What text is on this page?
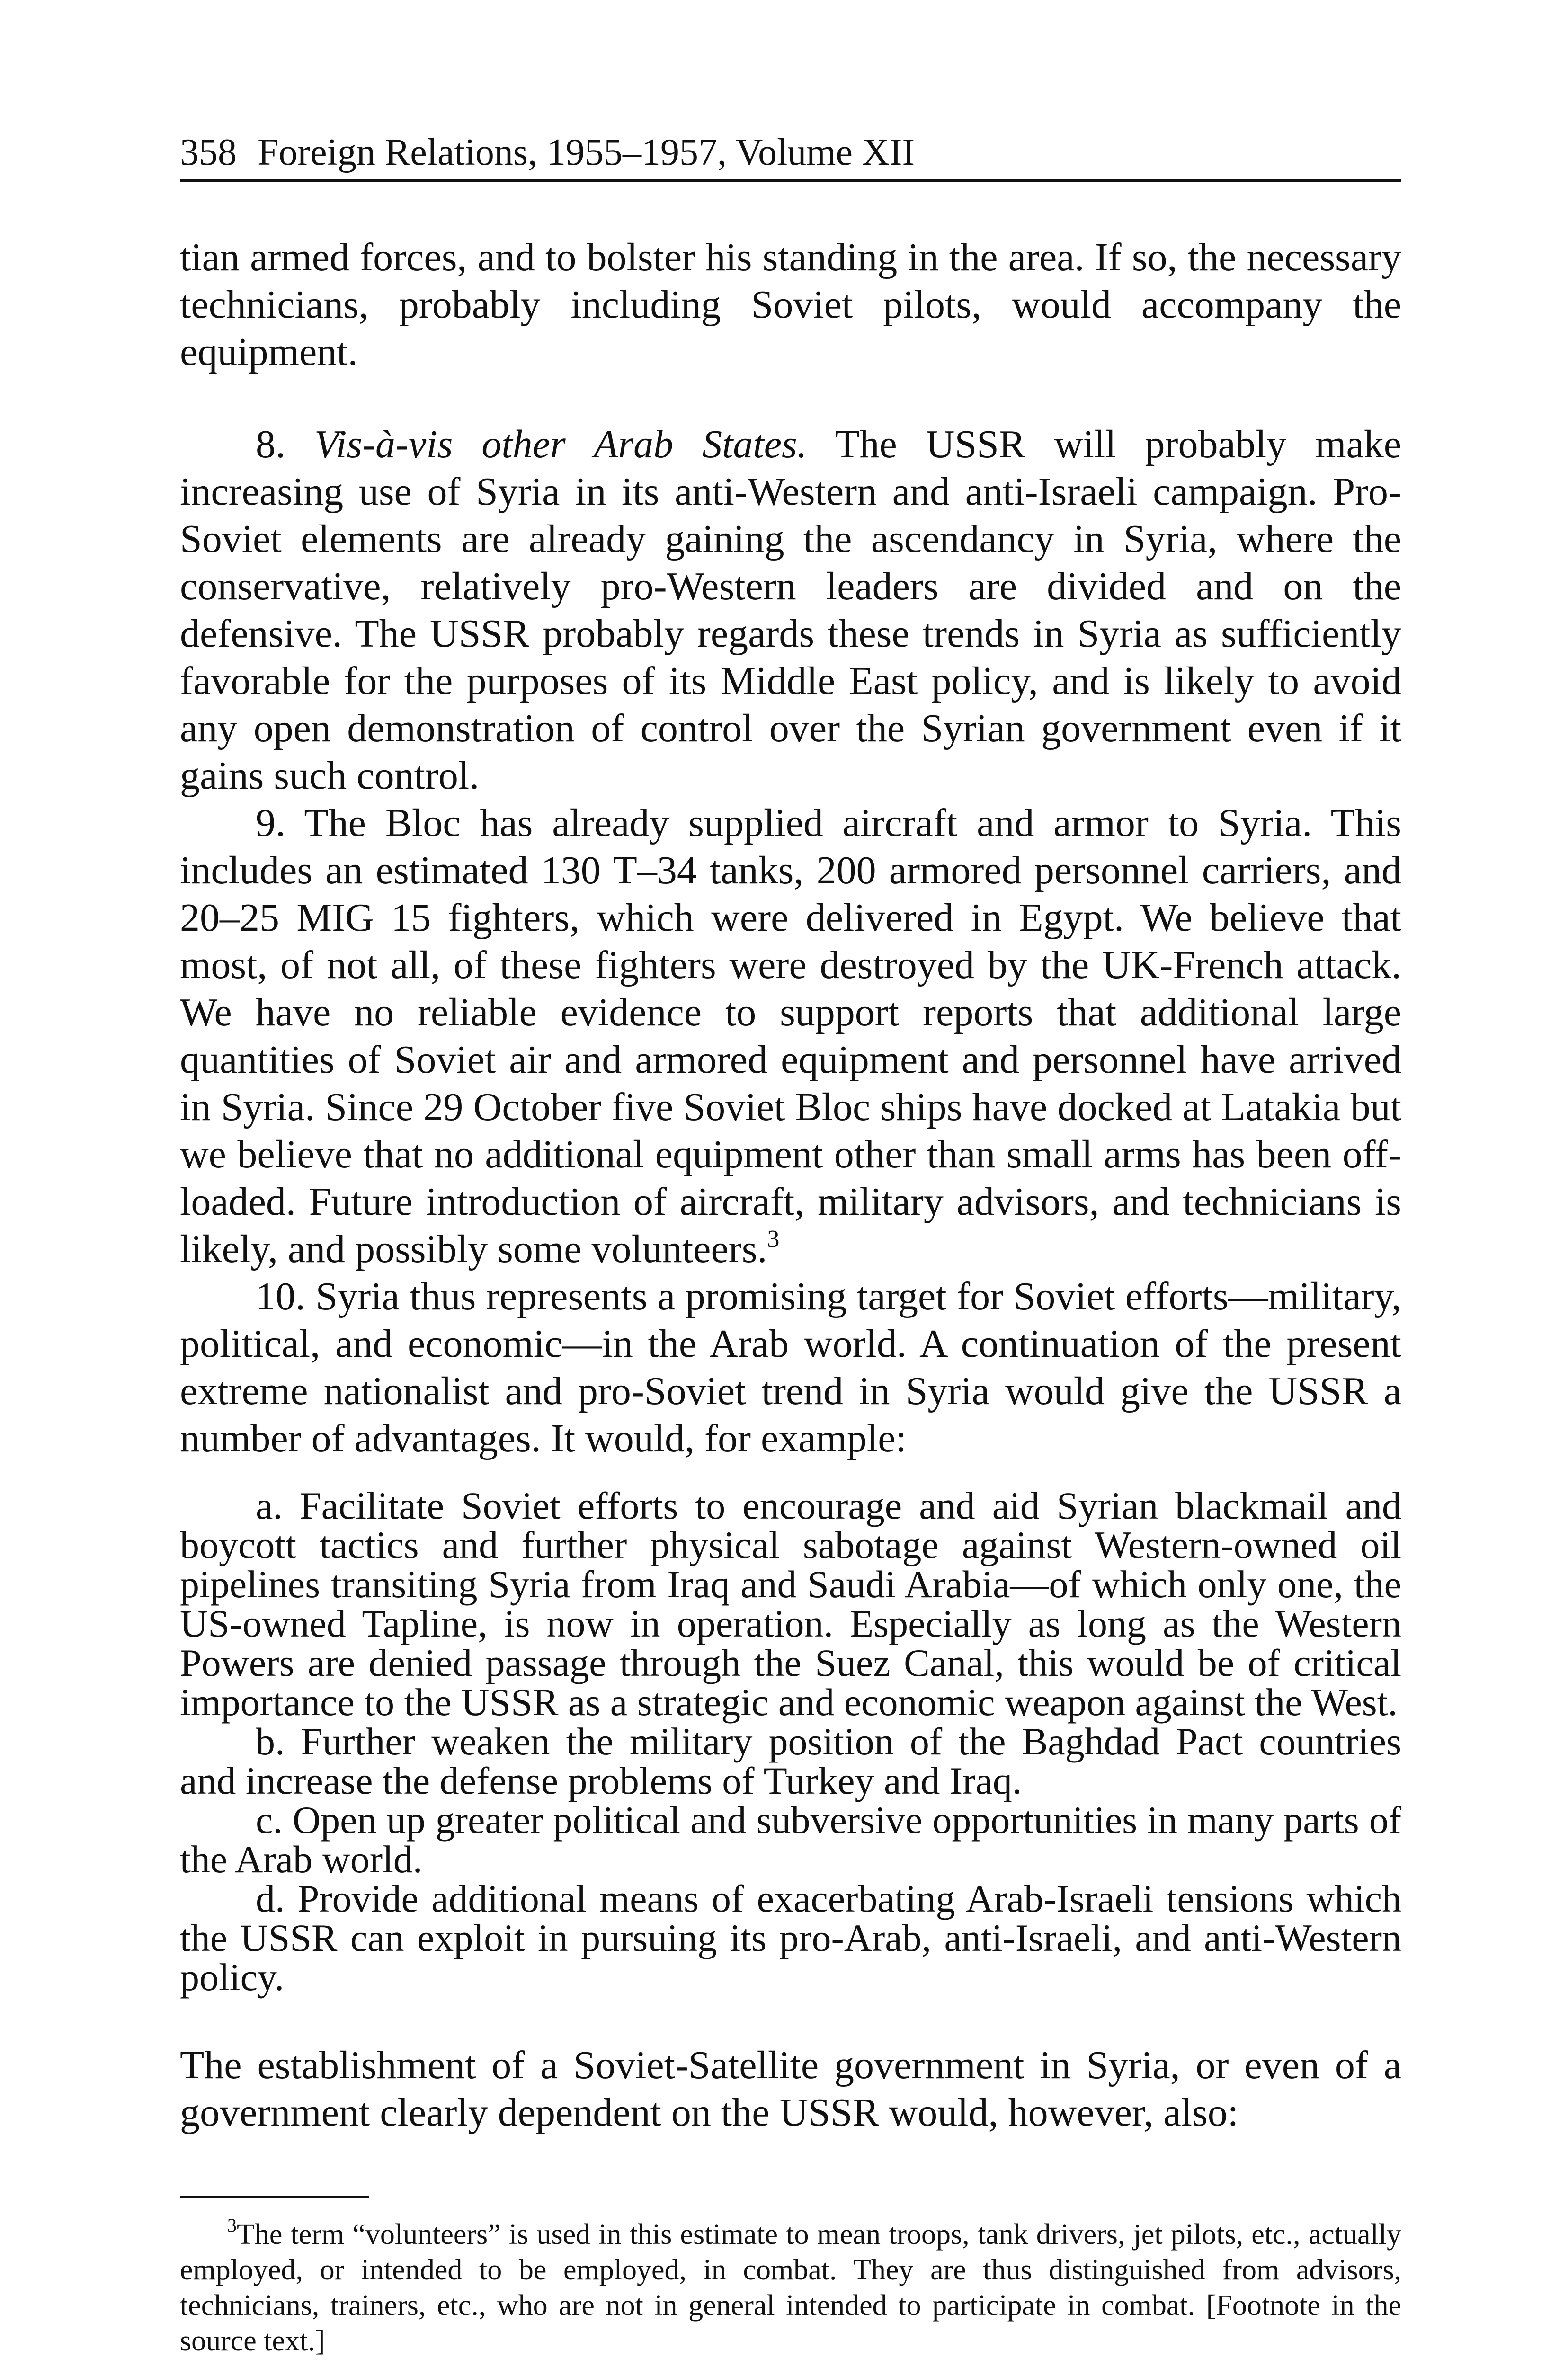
358 Foreign Relations, 1955–1957, Volume XII

tian armed forces, and to bolster his standing in the area. If so, the necessary technicians, probably including Soviet pilots, would accompany the equipment.

8. Vis-à-vis other Arab States. The USSR will probably make increasing use of Syria in its anti-Western and anti-Israeli campaign. Pro-Soviet elements are already gaining the ascendancy in Syria, where the conservative, relatively pro-Western leaders are divided and on the defensive. The USSR probably regards these trends in Syria as sufficiently favorable for the purposes of its Middle East policy, and is likely to avoid any open demonstration of control over the Syrian government even if it gains such control.

9. The Bloc has already supplied aircraft and armor to Syria. This includes an estimated 130 T–34 tanks, 200 armored personnel carriers, and 20–25 MIG 15 fighters, which were delivered in Egypt. We believe that most, of not all, of these fighters were destroyed by the UK-French attack. We have no reliable evidence to support reports that additional large quantities of Soviet air and armored equipment and personnel have arrived in Syria. Since 29 October five Soviet Bloc ships have docked at Latakia but we believe that no additional equipment other than small arms has been off-loaded. Future introduction of aircraft, military advisors, and technicians is likely, and possibly some volunteers.$^3$

10. Syria thus represents a promising target for Soviet efforts—military, political, and economic—in the Arab world. A continuation of the present extreme nationalist and pro-Soviet trend in Syria would give the USSR a number of advantages. It would, for example:

a. Facilitate Soviet efforts to encourage and aid Syrian blackmail and boycott tactics and further physical sabotage against Western-owned oil pipelines transiting Syria from Iraq and Saudi Arabia—of which only one, the US-owned Tapline, is now in operation. Especially as long as the Western Powers are denied passage through the Suez Canal, this would be of critical importance to the USSR as a strategic and economic weapon against the West.

b. Further weaken the military position of the Baghdad Pact countries and increase the defense problems of Turkey and Iraq.

c. Open up greater political and subversive opportunities in many parts of the Arab world.

d. Provide additional means of exacerbating Arab-Israeli tensions which the USSR can exploit in pursuing its pro-Arab, anti-Israeli, and anti-Western policy.

The establishment of a Soviet-Satellite government in Syria, or even of a government clearly dependent on the USSR would, however, also:

$^3$The term “volunteers” is used in this estimate to mean troops, tank drivers, jet pilots, etc., actually employed, or intended to be employed, in combat. They are thus distinguished from advisors, technicians, trainers, etc., who are not in general intended to participate in combat. [Footnote in the source text.]
